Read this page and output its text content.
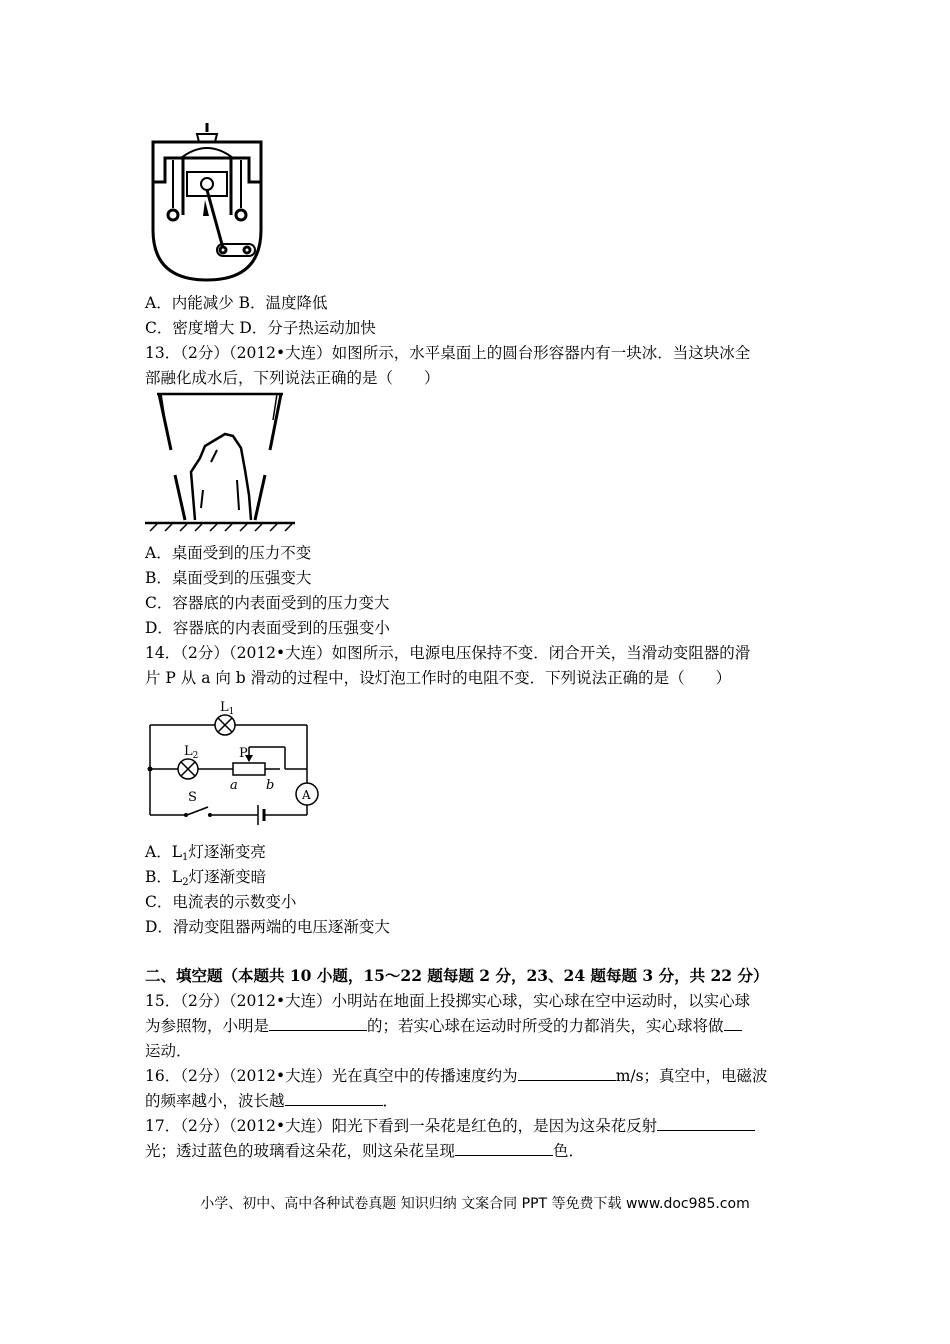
A．内能减少 B．温度降低
C．密度增大 D．分子热运动加快
13．（2分）（2012•大连）如图所示，水平桌面上的圆台形容器内有一块冰．当这块冰全
部融化成水后，下列说法正确的是（　　）
A．桌面受到的压力不变
B．桌面受到的压强变大
C．容器底的内表面受到的压力变大
D．容器底的内表面受到的压强变小
14．（2分）（2012•大连）如图所示，电源电压保持不变．闭合开关，当滑动变阻器的滑
片 P 从 a 向 b 滑动的过程中，设灯泡工作时的电阻不变．下列说法正确的是（　　）
$L_1$
$L_2$	P
a b
S	A
A．$L_1$灯逐渐变亮
B．$L_2$灯逐渐变暗
C．电流表的示数变小
D．滑动变阻器两端的电压逐渐变大
二、填空题（本题共 10 小题，15～22 题每题 2 分，23、24 题每题 3 分，共 22 分）
15．（2分）（2012•大连）小明站在地面上投掷实心球，实心球在空中运动时，以实心球
为参照物，小明是	的；若实心球在运动时所受的力都消失，实心球将做
运动．
16．（2分）（2012•大连）光在真空中的传播速度约为	m/s；真空中，电磁波
的频率越小，波长越	．
17．（2分）（2012•大连）阳光下看到一朵花是红色的，是因为这朵花反射
光；透过蓝色的玻璃看这朵花，则这朵花呈现	色．
小学、初中、高中各种试卷真题 知识归纳 文案合同 PPT 等免费下载 www.doc985.com
